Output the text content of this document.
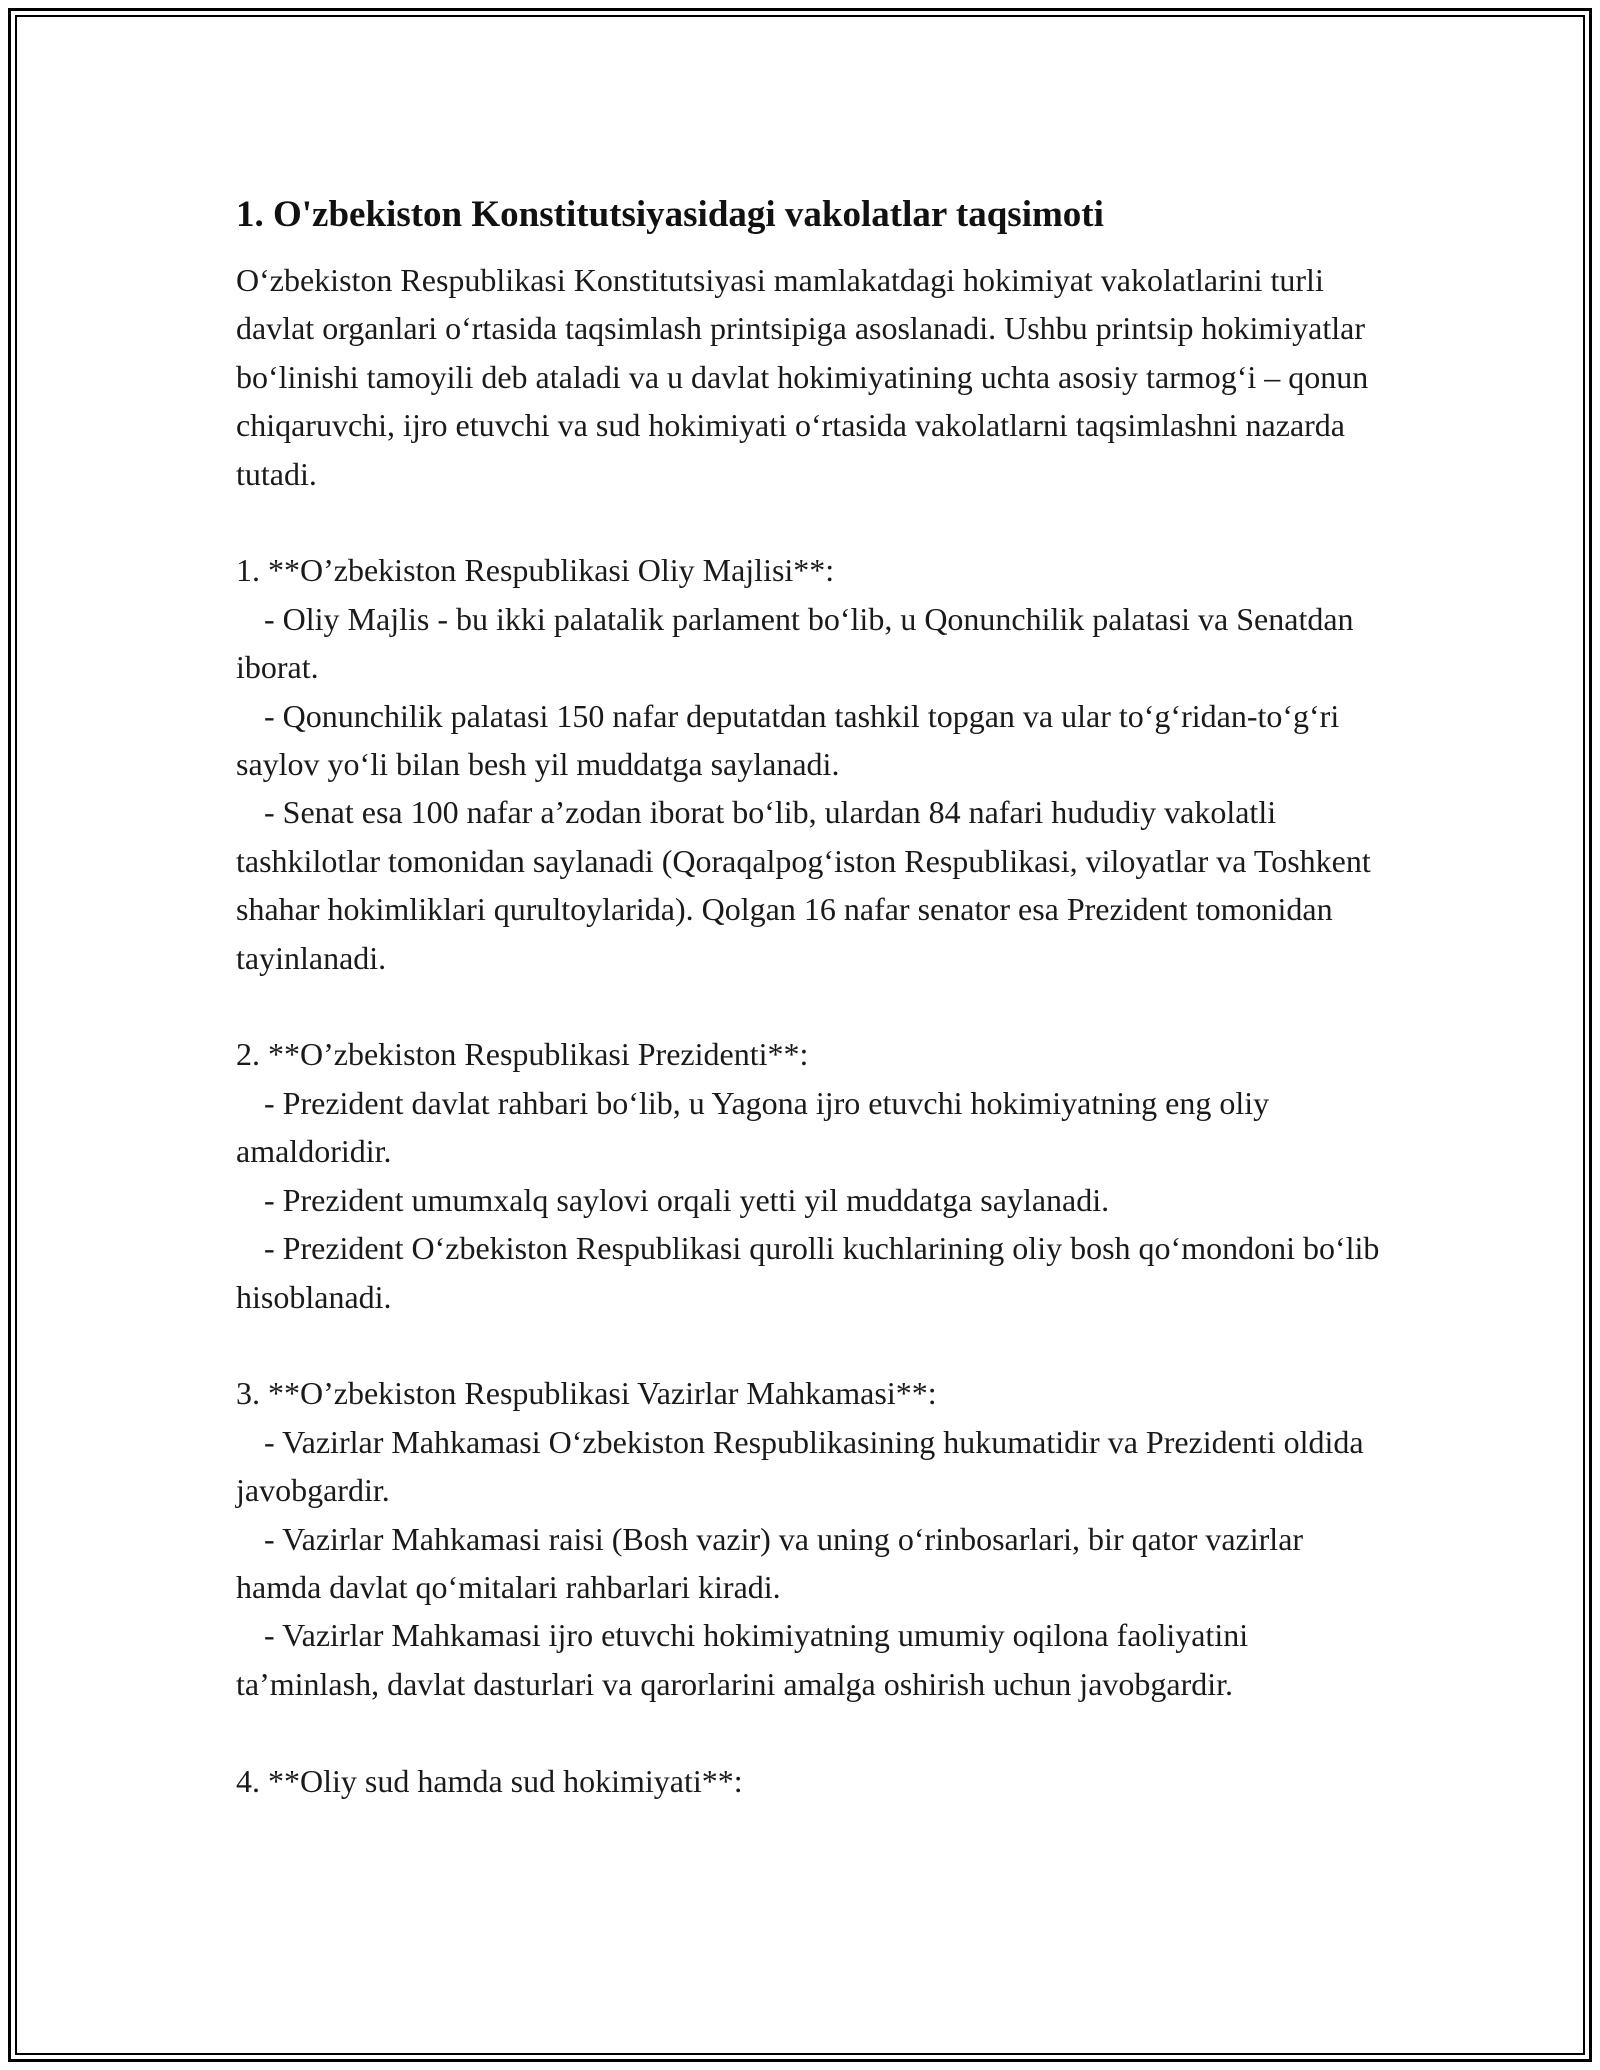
1. O'zbekiston Konstitutsiyasidagi vakolatlar taqsimoti

O‘zbekiston Respublikasi Konstitutsiyasi mamlakatdagi hokimiyat vakolatlarini turli davlat organlari o‘rtasida taqsimlash printsipiga asoslanadi. Ushbu printsip hokimiyatlar bo‘linishi tamoyili deb ataladi va u davlat hokimiyatining uchta asosiy tarmog‘i – qonun chiqaruvchi, ijro etuvchi va sud hokimiyati o‘rtasida vakolatlarni taqsimlashni nazarda tutadi.

1. **O’zbekiston Respublikasi Oliy Majlisi**:

- Oliy Majlis - bu ikki palatalik parlament bo‘lib, u Qonunchilik palatasi va Senatdan iborat.

- Qonunchilik palatasi 150 nafar deputatdan tashkil topgan va ular to‘g‘ridan-to‘g‘ri saylov yo‘li bilan besh yil muddatga saylanadi.

- Senat esa 100 nafar a’zodan iborat bo‘lib, ulardan 84 nafari hududiy vakolatli tashkilotlar tomonidan saylanadi (Qoraqalpog‘iston Respublikasi, viloyatlar va Toshkent shahar hokimliklari qurultoylarida). Qolgan 16 nafar senator esa Prezident tomonidan tayinlanadi.

2. **O’zbekiston Respublikasi Prezidenti**:

- Prezident davlat rahbari bo‘lib, u Yagona ijro etuvchi hokimiyatning eng oliy amaldoridir.

- Prezident umumxalq saylovi orqali yetti yil muddatga saylanadi.

- Prezident O‘zbekiston Respublikasi qurolli kuchlarining oliy bosh qo‘mondoni bo‘lib hisoblanadi.

3. **O’zbekiston Respublikasi Vazirlar Mahkamasi**:

- Vazirlar Mahkamasi O‘zbekiston Respublikasining hukumatidir va Prezidenti oldida javobgardir.

- Vazirlar Mahkamasi raisi (Bosh vazir) va uning o‘rinbosarlari, bir qator vazirlar hamda davlat qo‘mitalari rahbarlari kiradi.

- Vazirlar Mahkamasi ijro etuvchi hokimiyatning umumiy oqilona faoliyatini ta’minlash, davlat dasturlari va qarorlarini amalga oshirish uchun javobgardir.

4. **Oliy sud hamda sud hokimiyati**:
